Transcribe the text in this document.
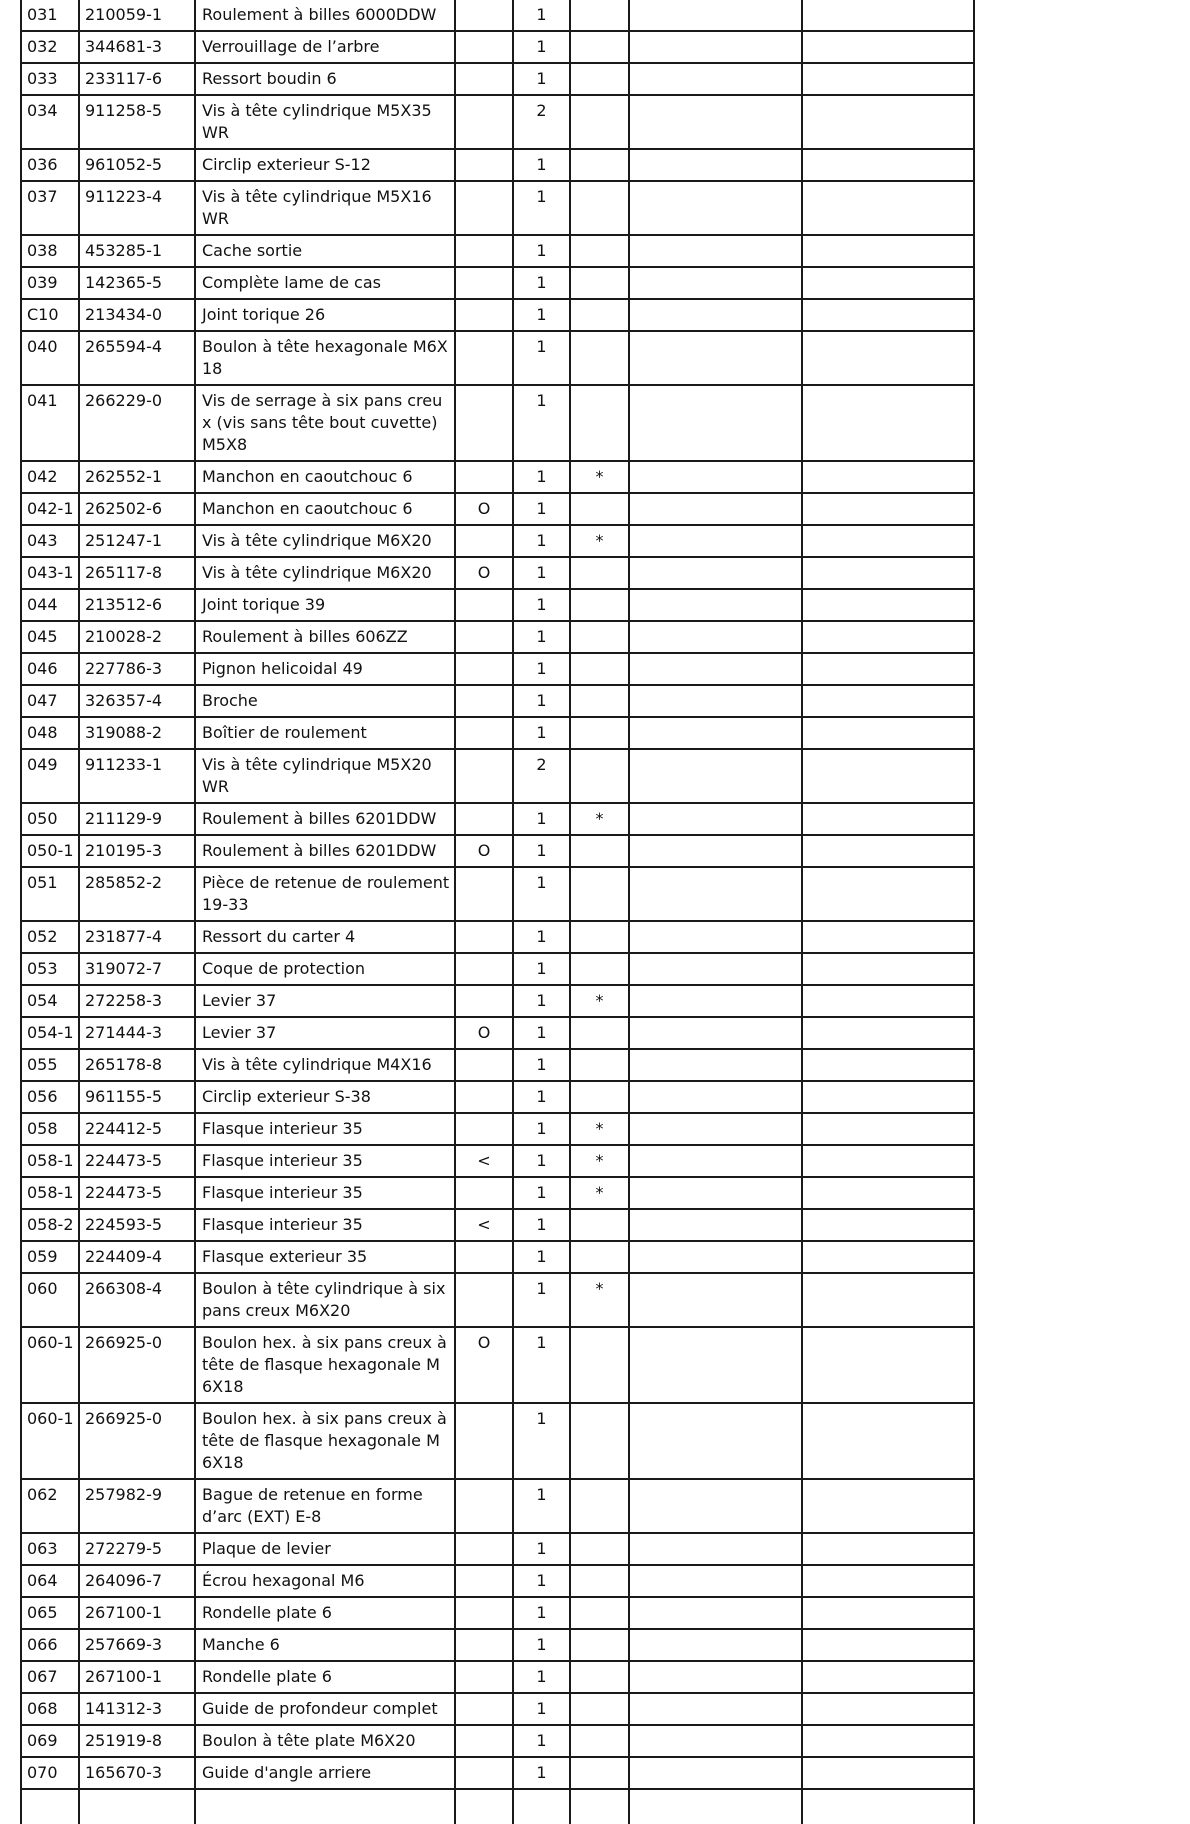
031	210059-1	Roulement à billes 6000DDW		1			
032	344681-3	Verrouillage de l’arbre		1			
033	233117-6	Ressort boudin 6		1			
034	911258-5	Vis à tête cylindrique M5X35 WR		2			
036	961052-5	Circlip exterieur S-12		1			
037	911223-4	Vis à tête cylindrique M5X16 WR		1			
038	453285-1	Cache sortie		1			
039	142365-5	Complète lame de cas		1			
C10	213434-0	Joint torique 26		1			
040	265594-4	Boulon à tête hexagonale M6X18		1			
041	266229-0	Vis de serrage à six pans creux (vis sans tête bout cuvette) M5X8		1			
042	262552-1	Manchon en caoutchouc 6		1	*		
042-1	262502-6	Manchon en caoutchouc 6	O	1			
043	251247-1	Vis à tête cylindrique M6X20		1	*		
043-1	265117-8	Vis à tête cylindrique M6X20	O	1			
044	213512-6	Joint torique 39		1			
045	210028-2	Roulement à billes 606ZZ		1			
046	227786-3	Pignon helicoidal 49		1			
047	326357-4	Broche		1			
048	319088-2	Boîtier de roulement		1			
049	911233-1	Vis à tête cylindrique M5X20 WR		2			
050	211129-9	Roulement à billes 6201DDW		1	*		
050-1	210195-3	Roulement à billes 6201DDW	O	1			
051	285852-2	Pièce de retenue de roulement 19-33		1			
052	231877-4	Ressort du carter 4		1			
053	319072-7	Coque de protection		1			
054	272258-3	Levier 37		1	*		
054-1	271444-3	Levier 37	O	1			
055	265178-8	Vis à tête cylindrique M4X16		1			
056	961155-5	Circlip exterieur S-38		1			
058	224412-5	Flasque interieur 35		1	*		
058-1	224473-5	Flasque interieur 35	<	1	*		
058-1	224473-5	Flasque interieur 35		1	*		
058-2	224593-5	Flasque interieur 35	<	1			
059	224409-4	Flasque exterieur 35		1			
060	266308-4	Boulon à tête cylindrique à six pans creux M6X20		1	*		
060-1	266925-0	Boulon hex. à six pans creux à tête de flasque hexagonale M6X18	O	1			
060-1	266925-0	Boulon hex. à six pans creux à tête de flasque hexagonale M6X18		1			
062	257982-9	Bague de retenue en forme d’arc (EXT) E-8		1			
063	272279-5	Plaque de levier		1			
064	264096-7	Écrou hexagonal M6		1			
065	267100-1	Rondelle plate 6		1			
066	257669-3	Manche 6		1			
067	267100-1	Rondelle plate 6		1			
068	141312-3	Guide de profondeur complet		1			
069	251919-8	Boulon à tête plate M6X20		1			
070	165670-3	Guide d'angle arriere		1			
